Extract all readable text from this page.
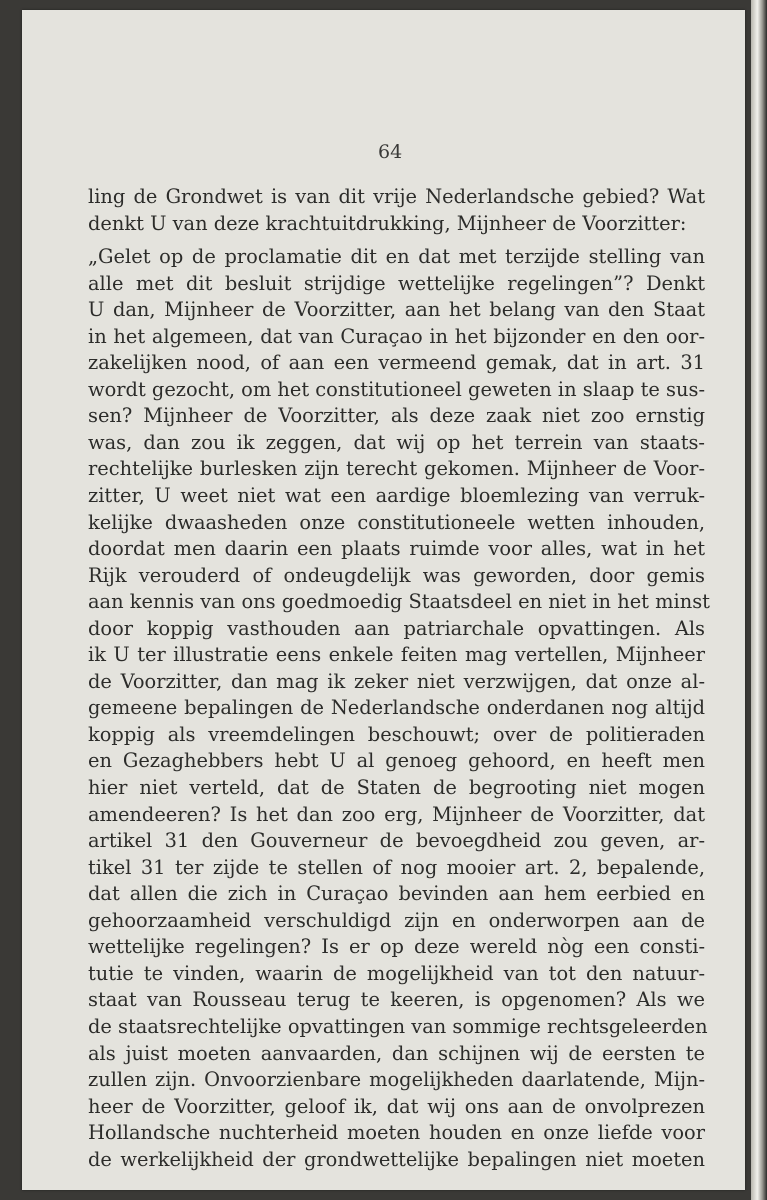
64
ling de Grondwet is van dit vrije Nederlandsche gebied? Wat
denkt U van deze krachtuitdrukking, Mijnheer de Voorzitter:
„Gelet op de proclamatie dit en dat met terzijde stelling van
alle met dit besluit strijdige wettelijke regelingen”? Denkt
U dan, Mijnheer de Voorzitter, aan het belang van den Staat
in het algemeen, dat van Curaçao in het bijzonder en den oor-
zakelijken nood, of aan een vermeend gemak, dat in art. 31
wordt gezocht, om het constitutioneel geweten in slaap te sus-
sen? Mijnheer de Voorzitter, als deze zaak niet zoo ernstig
was, dan zou ik zeggen, dat wij op het terrein van staats-
rechtelijke burlesken zijn terecht gekomen. Mijnheer de Voor-
zitter, U weet niet wat een aardige bloemlezing van verruk-
kelijke dwaasheden onze constitutioneele wetten inhouden,
doordat men daarin een plaats ruimde voor alles, wat in het
Rijk verouderd of ondeugdelijk was geworden, door gemis
aan kennis van ons goedmoedig Staatsdeel en niet in het minst
door koppig vasthouden aan patriarchale opvattingen. Als
ik U ter illustratie eens enkele feiten mag vertellen, Mijnheer
de Voorzitter, dan mag ik zeker niet verzwijgen, dat onze al-
gemeene bepalingen de Nederlandsche onderdanen nog altijd
koppig als vreemdelingen beschouwt; over de politieraden
en Gezaghebbers hebt U al genoeg gehoord, en heeft men
hier niet verteld, dat de Staten de begrooting niet mogen
amendeeren? Is het dan zoo erg, Mijnheer de Voorzitter, dat
artikel 31 den Gouverneur de bevoegdheid zou geven, ar-
tikel 31 ter zijde te stellen of nog mooier art. 2, bepalende,
dat allen die zich in Curaçao bevinden aan hem eerbied en
gehoorzaamheid verschuldigd zijn en onderworpen aan de
wettelijke regelingen? Is er op deze wereld nòg een consti-
tutie te vinden, waarin de mogelijkheid van tot den natuur-
staat van Rousseau terug te keeren, is opgenomen? Als we
de staatsrechtelijke opvattingen van sommige rechtsgeleerden
als juist moeten aanvaarden, dan schijnen wij de eersten te
zullen zijn. Onvoorzienbare mogelijkheden daarlatende, Mijn-
heer de Voorzitter, geloof ik, dat wij ons aan de onvolprezen
Hollandsche nuchterheid moeten houden en onze liefde voor
de werkelijkheid der grondwettelijke bepalingen niet moeten
